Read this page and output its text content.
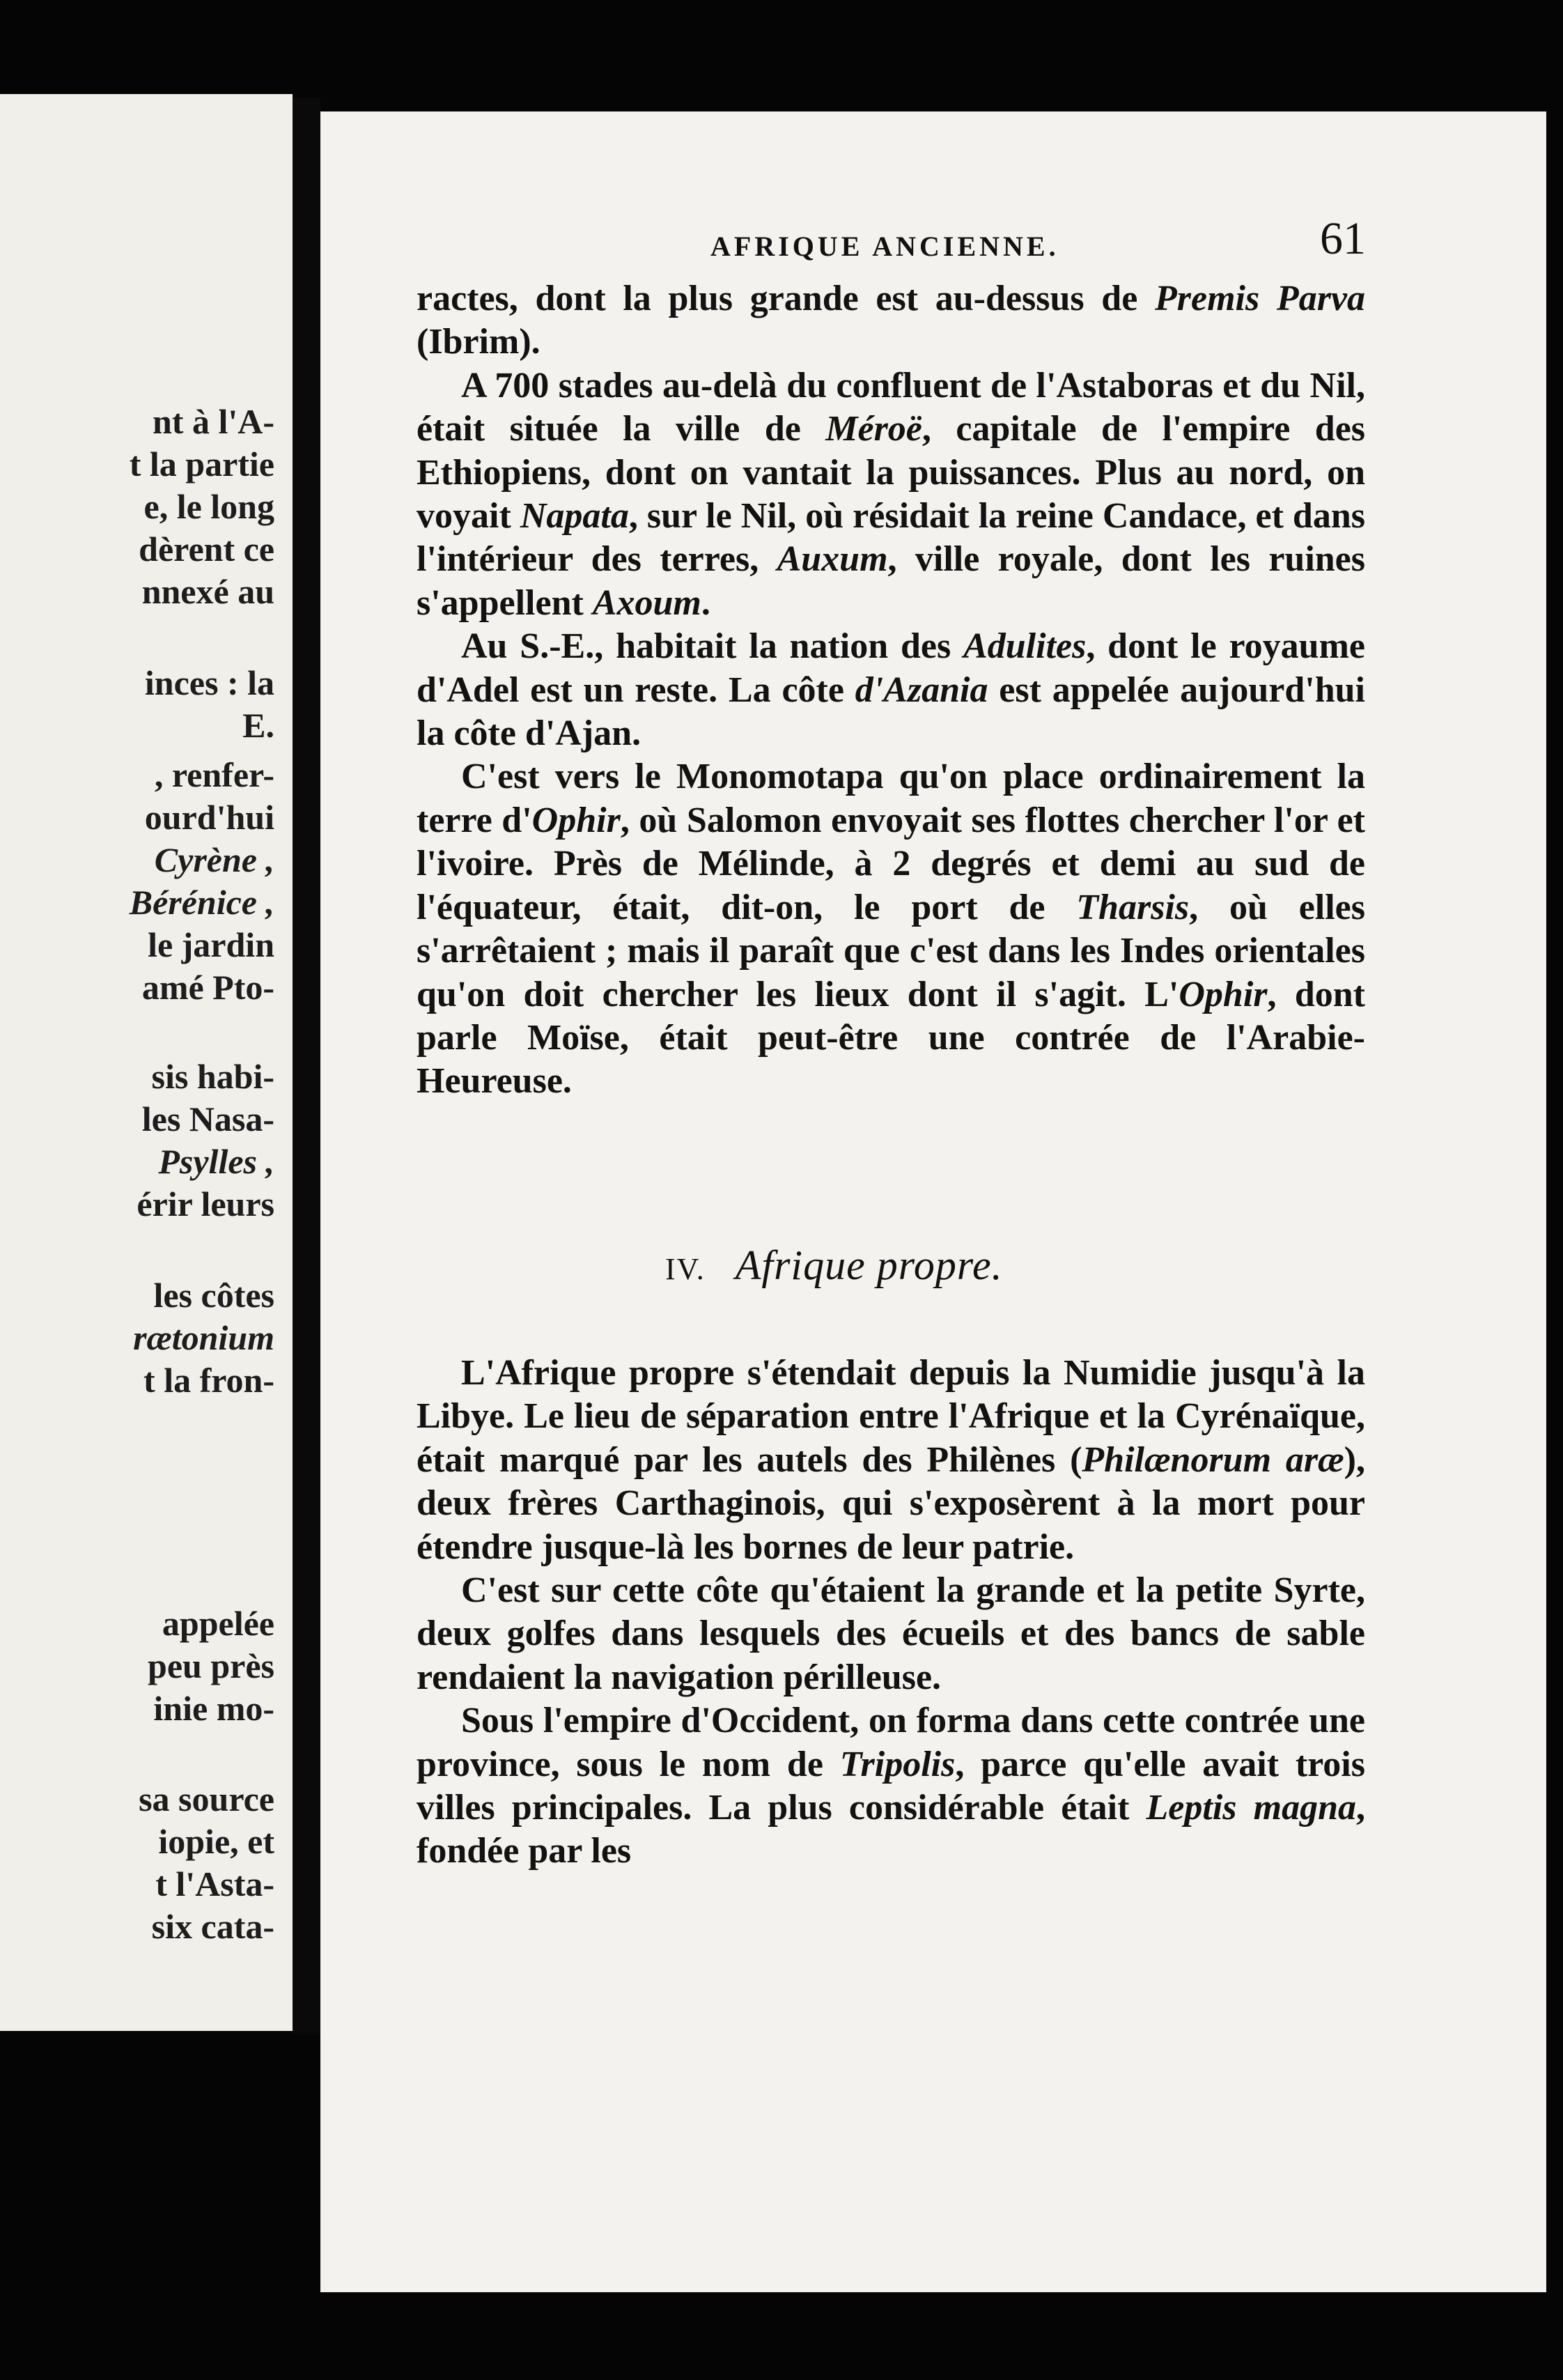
nt à l'A-
t la partie
e, le long
dèrent ce
nnexé au
inces : la
E.
, renfer-
ourd'hui
Cyrène ,
Bérénice ,
le jardin
amé Pto-
sis habi-
les Nasa-
Psylles ,
érir leurs
les côtes
rætonium
t la fron-
appelée
peu près
inie mo-
sa source
iopie, et
t l'Asta-
six cata-
AFRIQUE ANCIENNE.	61

ractes, dont la plus grande est au-dessus de Premis Parva (Ibrim).

A 700 stades au-delà du confluent de l'Astaboras et du Nil, était située la ville de Méroë, capitale de l'empire des Ethiopiens, dont on vantait la puissances. Plus au nord, on voyait Napata, sur le Nil, où résidait la reine Candace, et dans l'intérieur des terres, Auxum, ville royale, dont les ruines s'appellent Axoum.

Au S.-E., habitait la nation des Adulites, dont le royaume d'Adel est un reste. La côte d'Azania est appelée aujourd'hui la côte d'Ajan.

C'est vers le Monomotapa qu'on place ordinairement la terre d'Ophir, où Salomon envoyait ses flottes chercher l'or et l'ivoire. Près de Mélinde, à 2 degrés et demi au sud de l'équateur, était, dit-on, le port de Tharsis, où elles s'arrêtaient ; mais il paraît que c'est dans les Indes orientales qu'on doit chercher les lieux dont il s'agit. L'Ophir, dont parle Moïse, était peut-être une contrée de l'Arabie-Heureuse.

IV. Afrique propre.

L'Afrique propre s'étendait depuis la Numidie jusqu'à la Libye. Le lieu de séparation entre l'Afrique et la Cyrénaïque, était marqué par les autels des Philènes (Philænorum aræ), deux frères Carthaginois, qui s'exposèrent à la mort pour étendre jusque-là les bornes de leur patrie.

C'est sur cette côte qu'étaient la grande et la petite Syrte, deux golfes dans lesquels des écueils et des bancs de sable rendaient la navigation périlleuse.

Sous l'empire d'Occident, on forma dans cette contrée une province, sous le nom de Tripolis, parce qu'elle avait trois villes principales. La plus considérable était Leptis magna, fondée par les
